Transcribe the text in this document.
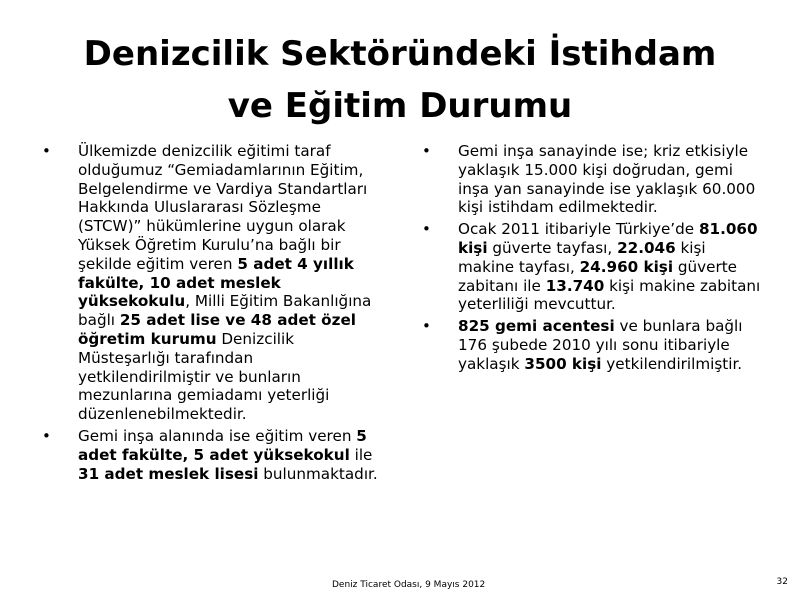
Denizcilik Sektöründeki İstihdam
ve Eğitim Durumu
• Ülkemizde denizcilik eğitimi taraf olduğumuz “Gemiadamlarının Eğitim, Belgelendirme ve Vardiya Standartları Hakkında Uluslararası Sözleşme (STCW)” hükümlerine uygun olarak Yüksek Öğretim Kurulu’na bağlı bir şekilde eğitim veren 5 adet 4 yıllık fakülte, 10 adet meslek yüksekokulu, Milli Eğitim Bakanlığına bağlı 25 adet lise ve 48 adet özel öğretim kurumu Denizcilik Müsteşarlığı tarafından yetkilendirilmiştir ve bunların mezunlarına gemiadamı yeterliği düzenlenebilmektedir.
• Gemi inşa alanında ise eğitim veren 5 adet fakülte, 5 adet yüksekokul ile 31 adet meslek lisesi bulunmaktadır.
• Gemi inşa sanayinde ise; kriz etkisiyle yaklaşık 15.000 kişi doğrudan, gemi inşa yan sanayinde ise yaklaşık 60.000 kişi istihdam edilmektedir.
• Ocak 2011 itibariyle Türkiye’de 81.060 kişi güverte tayfası, 22.046 kişi makine tayfası, 24.960 kişi güverte zabitanı ile 13.740 kişi makine zabitanı yeterliliği mevcuttur.
• 825 gemi acentesi ve bunlara bağlı 176 şubede 2010 yılı sonu itibariyle yaklaşık 3500 kişi yetkilendirilmiştir.
Deniz Ticaret Odası, 9 Mayıs 2012	32
